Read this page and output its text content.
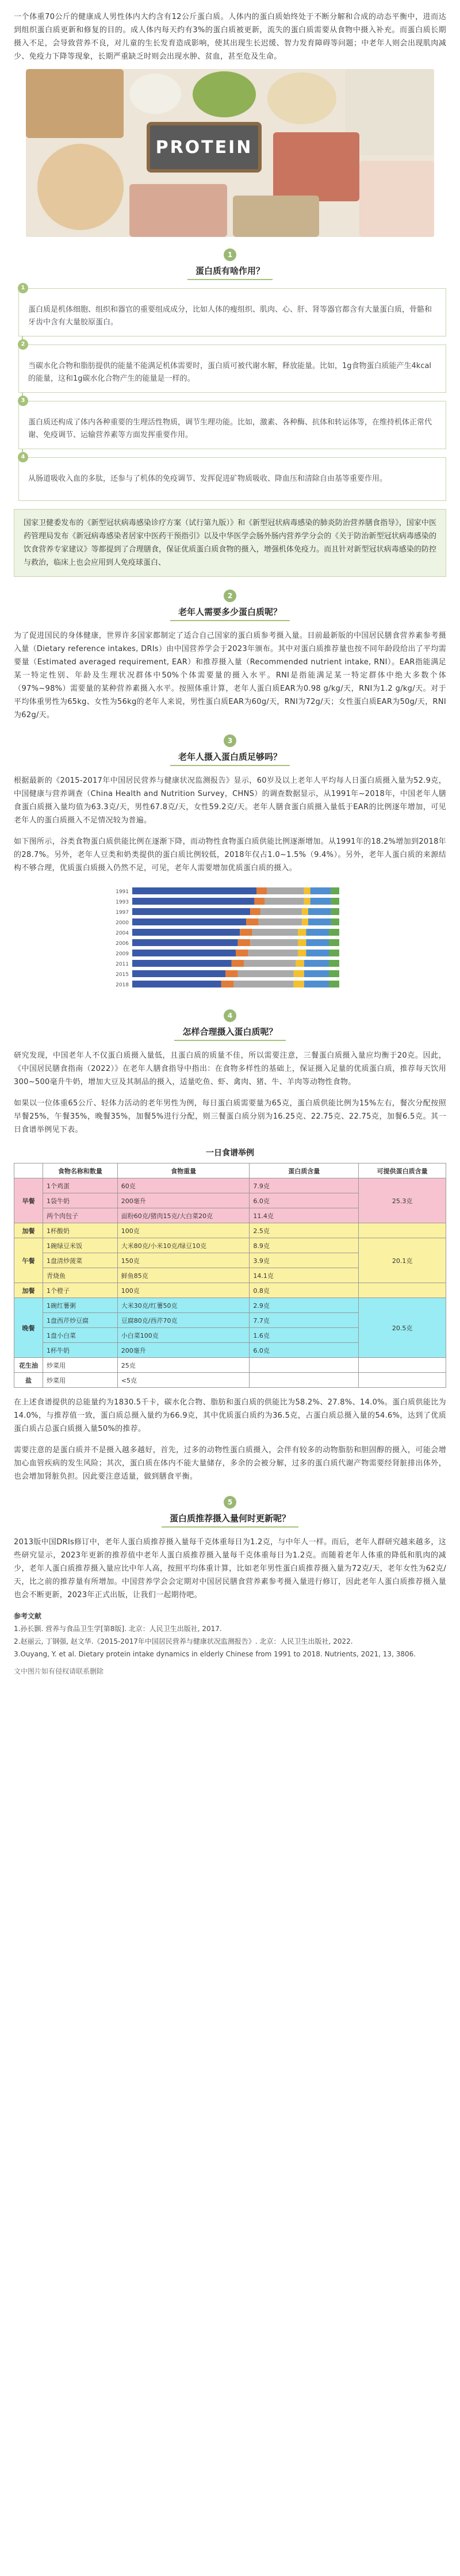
一个体重70公斤的健康成人男性体内大约含有12公斤蛋白质。人体内的蛋白质始终处于不断分解和合成的动态平衡中，进而达到组织蛋白质更新和修复的目的。成人体内每天约有3%的蛋白质被更新，流失的蛋白质需要从食物中摄入补充。而蛋白质长期摄入不足，会导致营养不良，对儿童的生长发育造成影响，使其出现生长迟缓、智力发育障碍等问题；中老年人则会出现肌肉减少、免疫力下降等现象，长期严重缺乏时则会出现水肿、贫血，甚至危及生命。

PROTEIN
1
蛋白质有啥作用？
1
蛋白质是机体细胞、组织和器官的重要组成成分，比如人体的瘦组织、肌肉、心、肝、肾等器官都含有大量蛋白质，骨骼和牙齿中含有大量胶原蛋白。
2
当碳水化合物和脂肪提供的能量不能满足机体需要时，蛋白质可被代谢水解，释放能量。比如，1g食物蛋白质能产生4kcal的能量，这和1g碳水化合物产生的能量是一样的。
3
蛋白质还构成了体内各种重要的生理活性物质，调节生理功能。比如，激素、各种酶、抗体和转运体等，在维持机体正常代谢、免疫调节、运输营养素等方面发挥重要作用。
4
从肠道吸收入血的多肽，还参与了机体的免疫调节、发挥促进矿物质吸收、降血压和清除自由基等重要作用。
国家卫健委发布的《新型冠状病毒感染诊疗方案（试行第九版）》和《新型冠状病毒感染的肺炎防治营养膳食指导》，国家中医药管理局发布《新冠病毒感染者居家中医药干预指引》以及中华医学会肠外肠内营养学分会的《关于防治新型冠状病毒感染的饮食营养专家建议》等都提到了合理膳食，保证优质蛋白质食物的摄入，增强机体免疫力。而且针对新型冠状病毒感染的防控与救治，临床上也会应用到人免疫球蛋白、
2
老年人需要多少蛋白质呢？

为了促进国民的身体健康，世界许多国家都制定了适合自己国家的蛋白质参考摄入量。目前最新版的中国居民膳食营养素参考摄入量（Dietary reference intakes, DRIs）由中国营养学会于2023年颁布。其中对蛋白质推荐量也按不同年龄段给出了平均需要量（Estimated averaged requirement, EAR）和推荐摄入量（Recommended nutrient intake, RNI）。EAR指能满足某一特定性别、年龄及生理状况群体中50%个体需要量的摄入水平。RNI是指能满足某一特定群体中绝大多数个体（97%~98%）需要量的某种营养素摄入水平。按照体重计算，老年人蛋白质EAR为0.98 g/kg/天，RNI为1.2 g/kg/天。对于平均体重男性为65kg、女性为56kg的老年人来说，男性蛋白质EAR为60g/天，RNI为72g/天；女性蛋白质EAR为50g/天，RNI为62g/天。

3
老年人摄入蛋白质足够吗？

根据最新的《2015-2017年中国居民营养与健康状况监测报告》显示，60岁及以上老年人平均每人日蛋白质摄入量为52.9克，中国健康与营养调查（China Health and Nutrition Survey，CHNS）的调查数据显示，从1991年~2018年，中国老年人膳食蛋白质摄入量均值为63.3克/天，男性67.8克/天，女性59.2克/天。老年人膳食蛋白质摄入量低于EAR的比例逐年增加，可见老年人的蛋白质摄入不足情况较为普遍。

如下图所示，谷类食物蛋白质供能比例在逐渐下降，而动物性食物蛋白质供能比例逐渐增加。从1991年的18.2%增加到2018年的28.7%。另外，老年人豆类和奶类提供的蛋白质比例较低，2018年仅占1.0~1.5%（9.4%）。另外，老年人蛋白质的来源结构不够合理，优质蛋白质摄入仍然不足，可见，老年人需要增加优质蛋白质的摄入。

1991
1993
1997
2000
2004
2006
2009
2011
2015
2018
4
怎样合理摄入蛋白质呢？

研究发现，中国老年人不仅蛋白质摄入量低，且蛋白质的质量不佳，所以需要注意，三餐蛋白质摄入量应均衡于20克。因此，《中国居民膳食指南（2022）》在老年人膳食指导中指出：在食物多样性的基础上，保证摄入足量的优质蛋白质，推荐每天饮用300~500毫升牛奶，增加大豆及其制品的摄入，适量吃鱼、虾、禽肉、猪、牛、羊肉等动物性食物。

如果以一位体重65公斤、轻体力活动的老年男性为例，每日蛋白质需要量为65克，蛋白质供能比例为15%左右，餐次分配按照早餐25%，午餐35%，晚餐35%，加餐5%进行分配，则三餐蛋白质分别为16.25克、22.75克、22.75克，加餐6.5克。其一日食谱举例见下表。

一日食谱举例
	食物名称和数量	食物重量	蛋白质含量	可提供蛋白质含量
早餐	1个鸡蛋	60克	7.9克	25.3克
	1袋牛奶	200毫升	6.0克	
	两个肉包子	面粉60克/猪肉15克/大白菜20克	11.4克	
加餐	1杯酸奶	100克	2.5克	
午餐	1碗绿豆米饭	大米80克/小米10克/绿豆10克	8.9克	20.1克
	1盘清炒菠菜	150克	3.9克	
	青烧鱼	鲜鱼85克	14.1克	
加餐	1个橙子	100克	0.8克	
晚餐	1碗红薯粥	大米30克/红薯50克	2.9克	20.5克
	1盘西芹炒豆腐	豆腐80克/西芹70克	7.7克	
	1盘小白菜	小白菜100克	1.6克	
	1杯牛奶	200毫升	6.0克	
花生油	炒菜用	25克		
盐	炒菜用	<5克		

在上述食谱提供的总能量约为1830.5千卡，碳水化合物、脂肪和蛋白质的供能比为58.2%、27.8%、14.0%。蛋白质供能比为14.0%，与推荐值一致，蛋白质总摄入量约为66.9克，其中优质蛋白质约为36.5克，占蛋白质总摄入量的54.6%，达到了优质蛋白质占总蛋白质摄入量50%的推荐。

需要注意的是蛋白质并不是摄入越多越好，首先，过多的动物性蛋白质摄入，会伴有较多的动物脂肪和胆固醇的摄入，可能会增加心血管疾病的发生风险；其次，蛋白质在体内不能大量储存，多余的会被分解，过多的蛋白质代谢产物需要经肾脏排出体外，也会增加肾脏负担。因此要注意适量，做到膳食平衡。

5
蛋白质推荐摄入量何时更新呢？

2013版中国DRIs修订中，老年人蛋白质推荐摄入量每千克体重每日为1.2克，与中年人一样。而后，老年人群研究越来越多，这些研究显示，2023年更新的推荐值中老年人蛋白质推荐摄入量每千克体重每日为1.2克。而随着老年人体重的降低和肌肉的减少，老年人蛋白质推荐摄入量应比中年人高，按照平均体重计算，比如老年男性蛋白质推荐摄入量为72克/天，老年女性为62克/天，比之前的推荐量有所增加。中国营养学会会定期对中国居民膳食营养素参考摄入量进行修订，因此老年人蛋白质推荐摄入量也会不断更新，2023年正式出版，让我们一起期待吧。

参考文献
1.孙长颢. 营养与食品卫生学[第8版]. 北京：人民卫生出版社, 2017.
2.赵丽云, 丁钢强, 赵文华.《2015-2017年中国居民营养与健康状况监测报告》. 北京：人民卫生出版社, 2022.
3.Ouyang, Y. et al. Dietary protein intake dynamics in elderly Chinese from 1991 to 2018. Nutrients, 2021, 13, 3806.
文中图片如有侵权请联系删除
